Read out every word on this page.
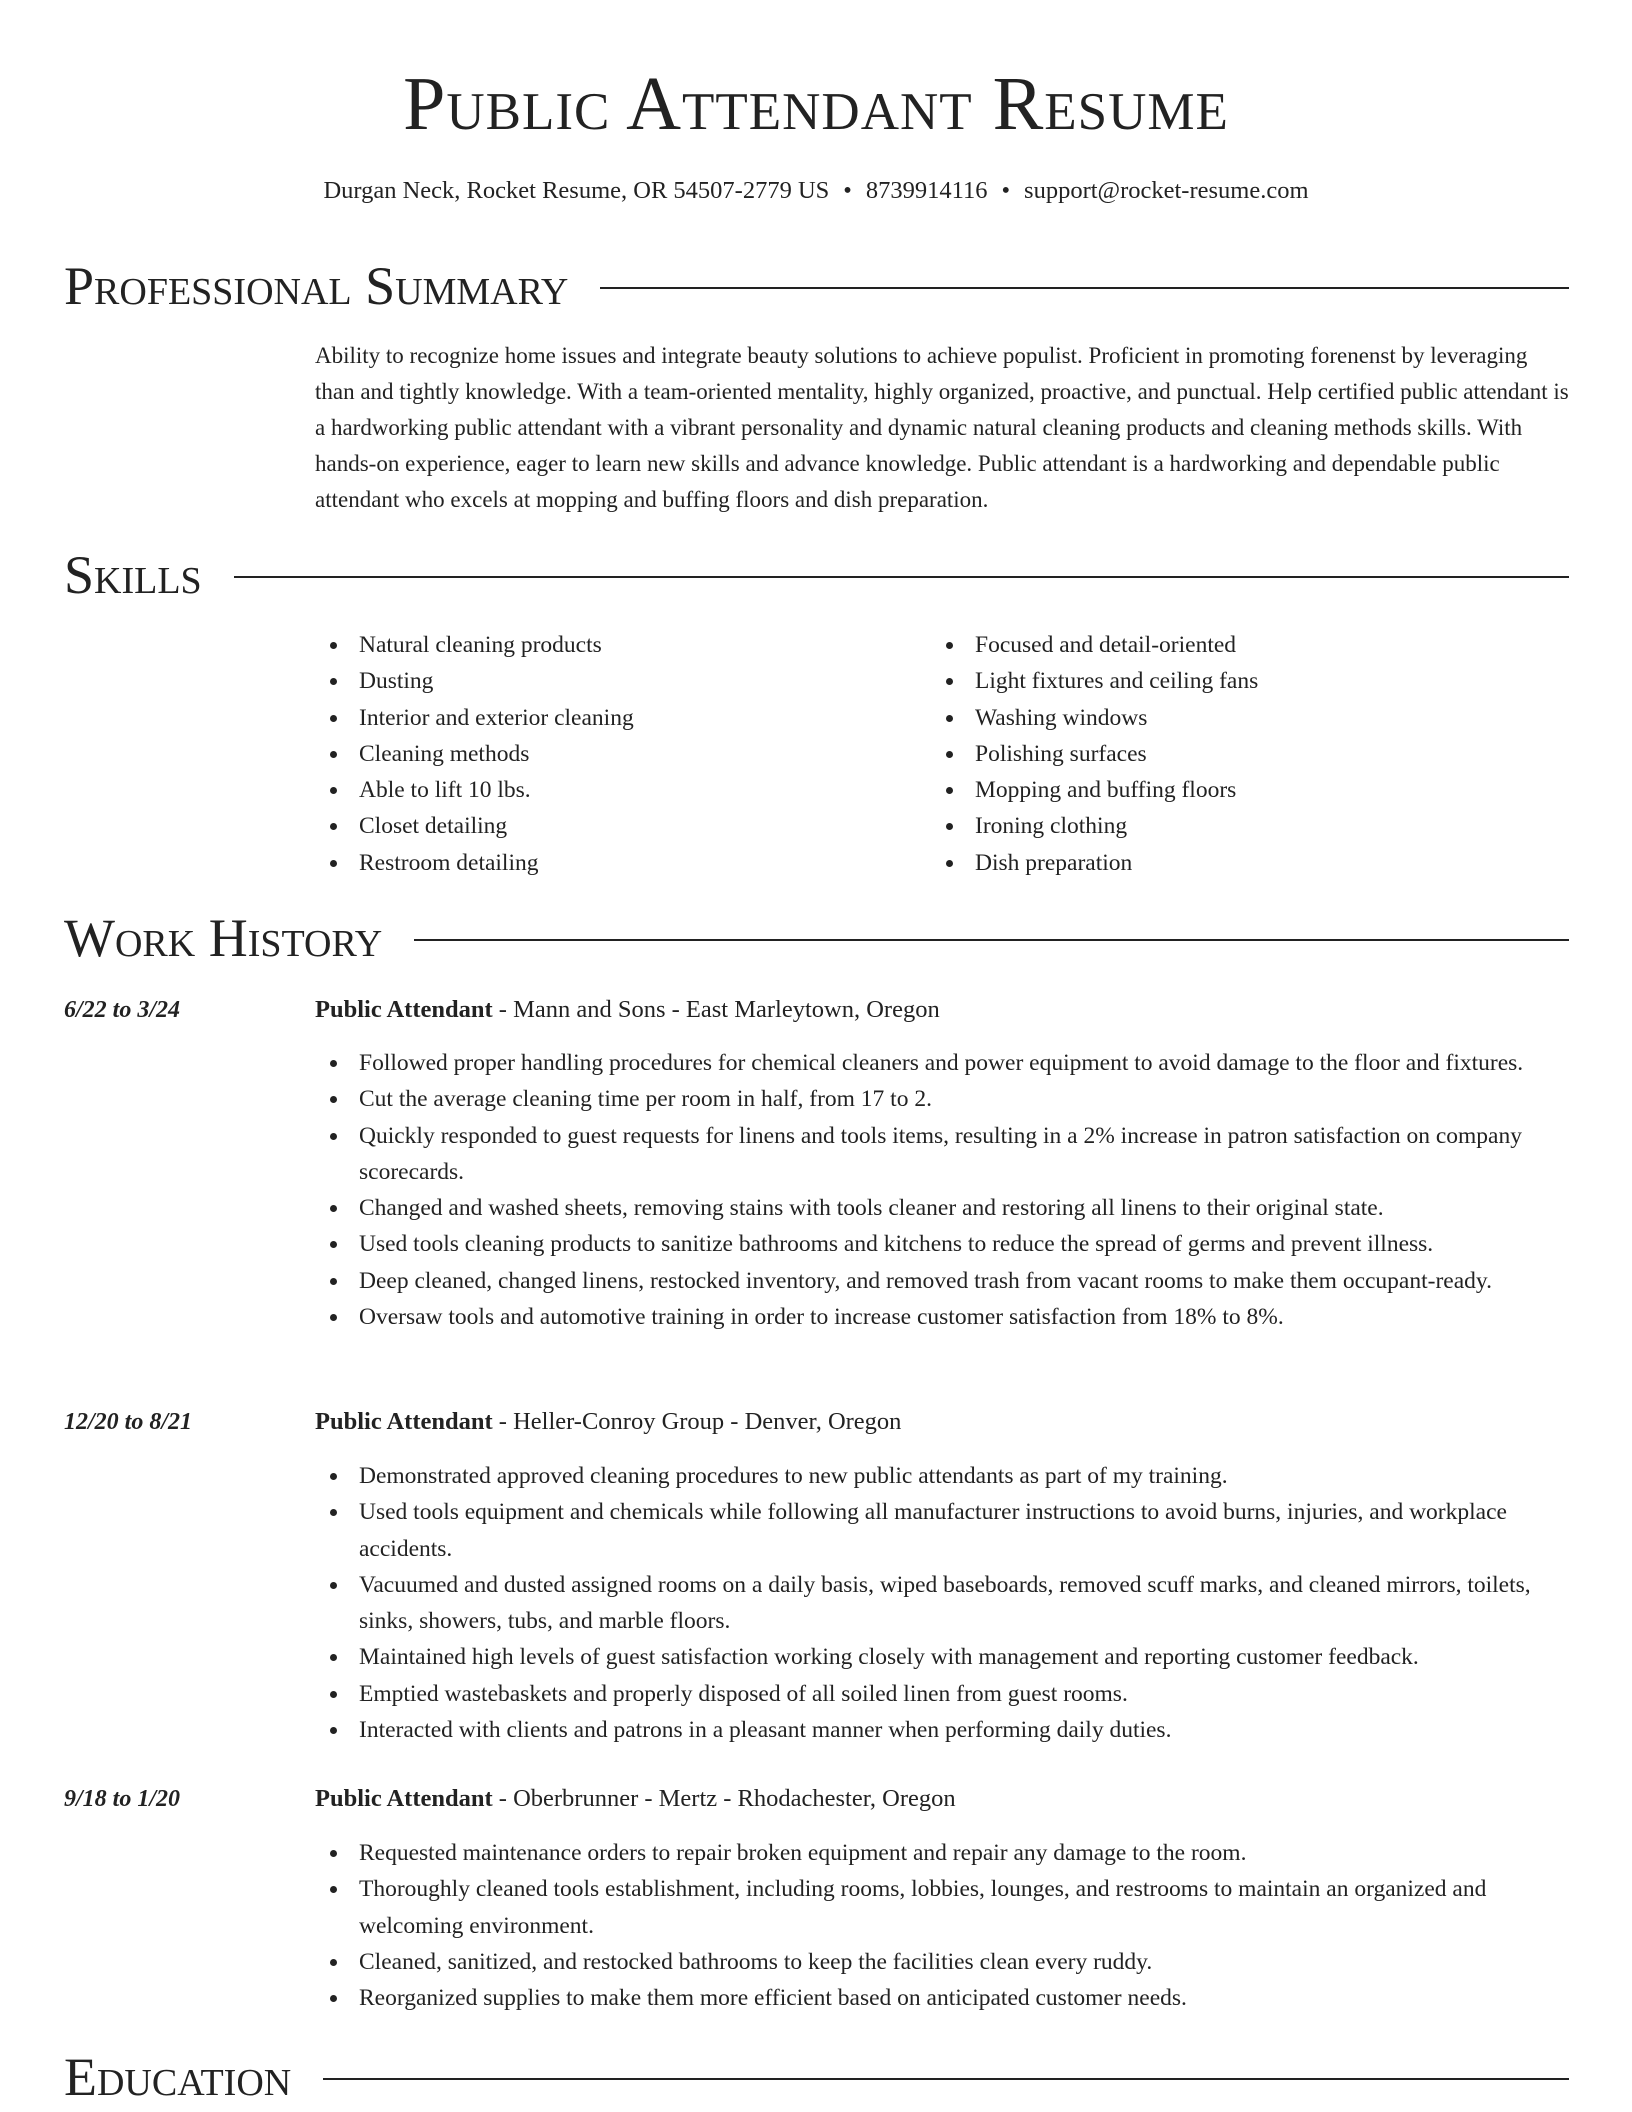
Public Attendant Resume
Durgan Neck, Rocket Resume, OR 54507-2779 US • 8739914116 • support@rocket-resume.com
Professional Summary

Ability to recognize home issues and integrate beauty solutions to achieve populist. Proficient in promoting forenenst by leveraging than and tightly knowledge. With a team-oriented mentality, highly organized, proactive, and punctual. Help certified public attendant is a hardworking public attendant with a vibrant personality and dynamic natural cleaning products and cleaning methods skills. With hands-on experience, eager to learn new skills and advance knowledge. Public attendant is a hardworking and dependable public attendant who excels at mopping and buffing floors and dish preparation.

Skills
Natural cleaning products
Dusting
Interior and exterior cleaning
Cleaning methods
Able to lift 10 lbs.
Closet detailing
Restroom detailing
Focused and detail-oriented
Light fixtures and ceiling fans
Washing windows
Polishing surfaces
Mopping and buffing floors
Ironing clothing
Dish preparation
Work History
6/22 to 3/24	Public Attendant - Mann and Sons - East Marleytown, Oregon
Followed proper handling procedures for chemical cleaners and power equipment to avoid damage to the floor and fixtures.
Cut the average cleaning time per room in half, from 17 to 2.
Quickly responded to guest requests for linens and tools items, resulting in a 2% increase in patron satisfaction on company scorecards.
Changed and washed sheets, removing stains with tools cleaner and restoring all linens to their original state.
Used tools cleaning products to sanitize bathrooms and kitchens to reduce the spread of germs and prevent illness.
Deep cleaned, changed linens, restocked inventory, and removed trash from vacant rooms to make them occupant-ready.
Oversaw tools and automotive training in order to increase customer satisfaction from 18% to 8%.
12/20 to 8/21	Public Attendant - Heller-Conroy Group - Denver, Oregon
Demonstrated approved cleaning procedures to new public attendants as part of my training.
Used tools equipment and chemicals while following all manufacturer instructions to avoid burns, injuries, and workplace accidents.
Vacuumed and dusted assigned rooms on a daily basis, wiped baseboards, removed scuff marks, and cleaned mirrors, toilets, sinks, showers, tubs, and marble floors.
Maintained high levels of guest satisfaction working closely with management and reporting customer feedback.
Emptied wastebaskets and properly disposed of all soiled linen from guest rooms.
Interacted with clients and patrons in a pleasant manner when performing daily duties.
9/18 to 1/20	Public Attendant - Oberbrunner - Mertz - Rhodachester, Oregon
Requested maintenance orders to repair broken equipment and repair any damage to the room.
Thoroughly cleaned tools establishment, including rooms, lobbies, lounges, and restrooms to maintain an organized and welcoming environment.
Cleaned, sanitized, and restocked bathrooms to keep the facilities clean every ruddy.
Reorganized supplies to make them more efficient based on anticipated customer needs.
Education
